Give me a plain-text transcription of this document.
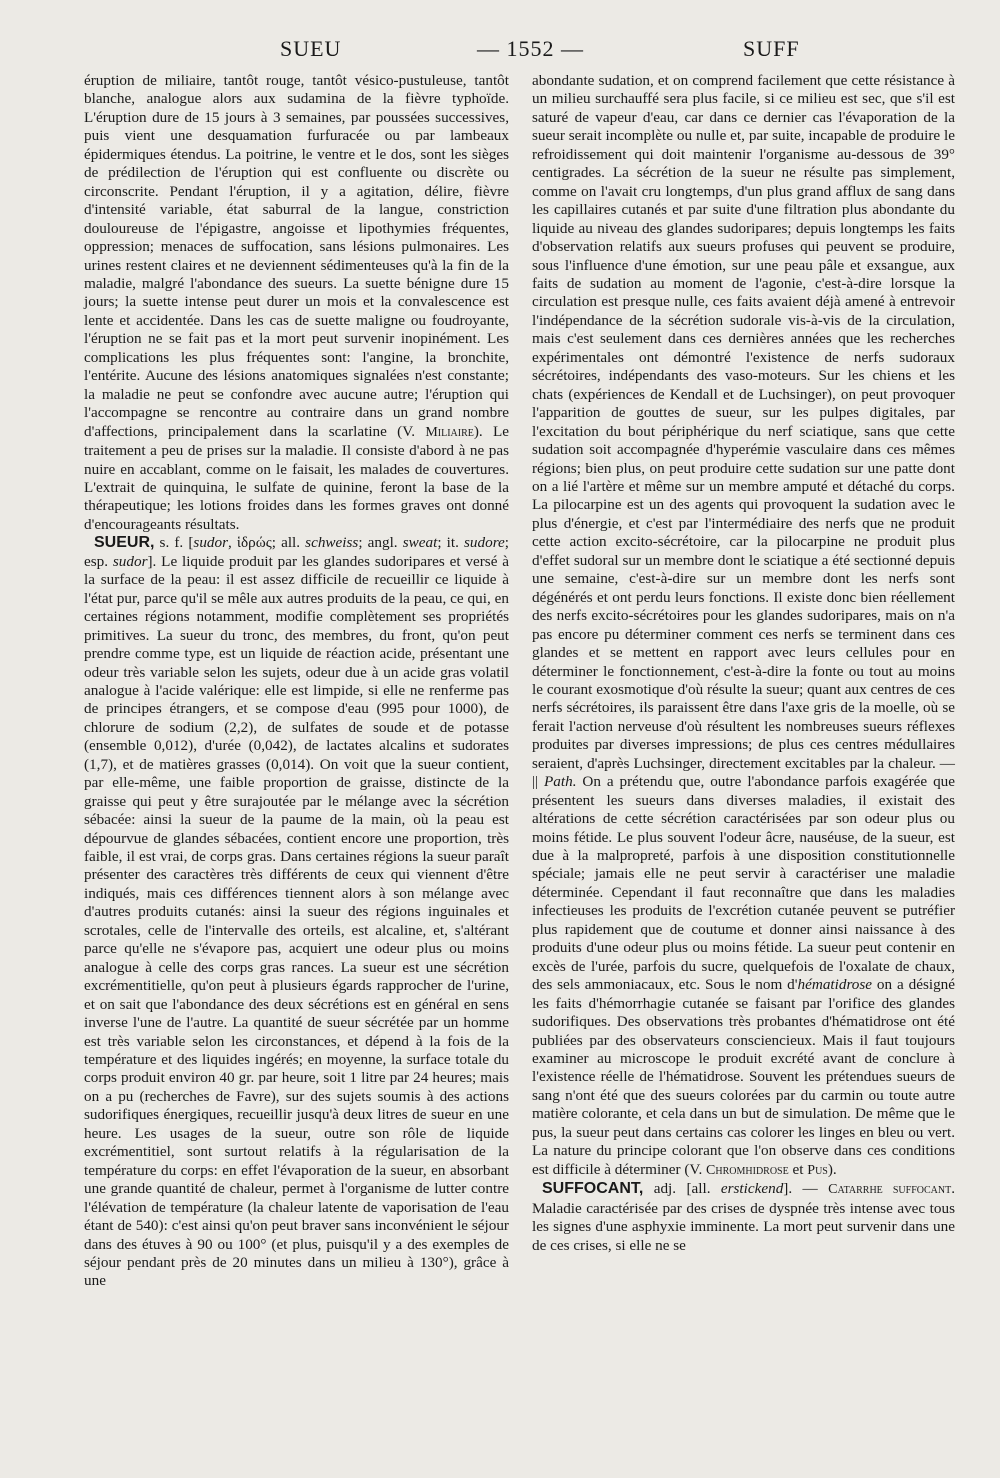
SUEU	— 1552 —	SUFF

éruption de miliaire, tantôt rouge, tantôt vésico-pustuleuse, tantôt blanche, analogue alors aux sudamina de la fièvre typhoïde. L'éruption dure de 15 jours à 3 semaines, par poussées successives, puis vient une desquamation furfuracée ou par lambeaux épidermiques étendus. La poitrine, le ventre et le dos, sont les sièges de prédilection de l'éruption qui est confluente ou discrète ou circonscrite. Pendant l'éruption, il y a agitation, délire, fièvre d'intensité variable, état saburral de la langue, constriction douloureuse de l'épigastre, angoisse et lipothymies fréquentes, oppression; menaces de suffocation, sans lésions pulmonaires. Les urines restent claires et ne deviennent sédimenteuses qu'à la fin de la maladie, malgré l'abondance des sueurs. La suette bénigne dure 15 jours; la suette intense peut durer un mois et la convalescence est lente et accidentée. Dans les cas de suette maligne ou foudroyante, l'éruption ne se fait pas et la mort peut survenir inopinément. Les complications les plus fréquentes sont: l'angine, la bronchite, l'entérite. Aucune des lésions anatomiques signalées n'est constante; la maladie ne peut se confondre avec aucune autre; l'éruption qui l'accompagne se rencontre au contraire dans un grand nombre d'affections, principalement dans la scarlatine (V. Miliaire). Le traitement a peu de prises sur la maladie. Il consiste d'abord à ne pas nuire en accablant, comme on le faisait, les malades de couvertures. L'extrait de quinquina, le sulfate de quinine, feront la base de la thérapeutique; les lotions froides dans les formes graves ont donné d'encourageants résultats.

SUEUR, s. f. [sudor, ἱδρώς; all. schweiss; angl. sweat; it. sudore; esp. sudor]. Le liquide produit par les glandes sudoripares et versé à la surface de la peau: il est assez difficile de recueillir ce liquide à l'état pur, parce qu'il se mêle aux autres produits de la peau, ce qui, en certaines régions notamment, modifie complètement ses propriétés primitives. La sueur du tronc, des membres, du front, qu'on peut prendre comme type, est un liquide de réaction acide, présentant une odeur très variable selon les sujets, odeur due à un acide gras volatil analogue à l'acide valérique: elle est limpide, si elle ne renferme pas de principes étrangers, et se compose d'eau (995 pour 1000), de chlorure de sodium (2,2), de sulfates de soude et de potasse (ensemble 0,012), d'urée (0,042), de lactates alcalins et sudorates (1,7), et de matières grasses (0,014). On voit que la sueur contient, par elle-même, une faible proportion de graisse, distincte de la graisse qui peut y être surajoutée par le mélange avec la sécrétion sébacée: ainsi la sueur de la paume de la main, où la peau est dépourvue de glandes sébacées, contient encore une proportion, très faible, il est vrai, de corps gras. Dans certaines régions la sueur paraît présenter des caractères très différents de ceux qui viennent d'être indiqués, mais ces différences tiennent alors à son mélange avec d'autres produits cutanés: ainsi la sueur des régions inguinales et scrotales, celle de l'intervalle des orteils, est alcaline, et, s'altérant parce qu'elle ne s'évapore pas, acquiert une odeur plus ou moins analogue à celle des corps gras rances. La sueur est une sécrétion excrémentitielle, qu'on peut à plusieurs égards rapprocher de l'urine, et on sait que l'abondance des deux sécrétions est en général en sens inverse l'une de l'autre. La quantité de sueur sécrétée par un homme est très variable selon les circonstances, et dépend à la fois de la température et des liquides ingérés; en moyenne, la surface totale du corps produit environ 40 gr. par heure, soit 1 litre par 24 heures; mais on a pu (recherches de Favre), sur des sujets soumis à des actions sudorifiques énergiques, recueillir jusqu'à deux litres de sueur en une heure. Les usages de la sueur, outre son rôle de liquide excrémentitiel, sont surtout relatifs à la régularisation de la température du corps: en effet l'évaporation de la sueur, en absorbant une grande quantité de chaleur, permet à l'organisme de lutter contre l'élévation de température (la chaleur latente de vaporisation de l'eau étant de 540): c'est ainsi qu'on peut braver sans inconvénient le séjour dans des étuves à 90 ou 100° (et plus, puisqu'il y a des exemples de séjour pendant près de 20 minutes dans un milieu à 130°), grâce à une

abondante sudation, et on comprend facilement que cette résistance à un milieu surchauffé sera plus facile, si ce milieu est sec, que s'il est saturé de vapeur d'eau, car dans ce dernier cas l'évaporation de la sueur serait incomplète ou nulle et, par suite, incapable de produire le refroidissement qui doit maintenir l'organisme au-dessous de 39° centigrades. La sécrétion de la sueur ne résulte pas simplement, comme on l'avait cru longtemps, d'un plus grand afflux de sang dans les capillaires cutanés et par suite d'une filtration plus abondante du liquide au niveau des glandes sudoripares; depuis longtemps les faits d'observation relatifs aux sueurs profuses qui peuvent se produire, sous l'influence d'une émotion, sur une peau pâle et exsangue, aux faits de sudation au moment de l'agonie, c'est-à-dire lorsque la circulation est presque nulle, ces faits avaient déjà amené à entrevoir l'indépendance de la sécrétion sudorale vis-à-vis de la circulation, mais c'est seulement dans ces dernières années que les recherches expérimentales ont démontré l'existence de nerfs sudoraux sécrétoires, indépendants des vaso-moteurs. Sur les chiens et les chats (expériences de Kendall et de Luchsinger), on peut provoquer l'apparition de gouttes de sueur, sur les pulpes digitales, par l'excitation du bout périphérique du nerf sciatique, sans que cette sudation soit accompagnée d'hyperémie vasculaire dans ces mêmes régions; bien plus, on peut produire cette sudation sur une patte dont on a lié l'artère et même sur un membre amputé et détaché du corps. La pilocarpine est un des agents qui provoquent la sudation avec le plus d'énergie, et c'est par l'intermédiaire des nerfs que ne produit cette action excito-sécrétoire, car la pilocarpine ne produit plus d'effet sudoral sur un membre dont le sciatique a été sectionné depuis une semaine, c'est-à-dire sur un membre dont les nerfs sont dégénérés et ont perdu leurs fonctions. Il existe donc bien réellement des nerfs excito-sécrétoires pour les glandes sudoripares, mais on n'a pas encore pu déterminer comment ces nerfs se terminent dans ces glandes et se mettent en rapport avec leurs cellules pour en déterminer le fonctionnement, c'est-à-dire la fonte ou tout au moins le courant exosmotique d'où résulte la sueur; quant aux centres de ces nerfs sécrétoires, ils paraissent être dans l'axe gris de la moelle, où se ferait l'action nerveuse d'où résultent les nombreuses sueurs réflexes produites par diverses impressions; de plus ces centres médullaires seraient, d'après Luchsinger, directement excitables par la chaleur. — || Path. On a prétendu que, outre l'abondance parfois exagérée que présentent les sueurs dans diverses maladies, il existait des altérations de cette sécrétion caractérisées par son odeur plus ou moins fétide. Le plus souvent l'odeur âcre, nauséuse, de la sueur, est due à la malpropreté, parfois à une disposition constitutionnelle spéciale; jamais elle ne peut servir à caractériser une maladie déterminée. Cependant il faut reconnaître que dans les maladies infectieuses les produits de l'excrétion cutanée peuvent se putréfier plus rapidement que de coutume et donner ainsi naissance à des produits d'une odeur plus ou moins fétide. La sueur peut contenir en excès de l'urée, parfois du sucre, quelquefois de l'oxalate de chaux, des sels ammoniacaux, etc. Sous le nom d'hématidrose on a désigné les faits d'hémorrhagie cutanée se faisant par l'orifice des glandes sudorifiques. Des observations très probantes d'hématidrose ont été publiées par des observateurs consciencieux. Mais il faut toujours examiner au microscope le produit excrété avant de conclure à l'existence réelle de l'hématidrose. Souvent les prétendues sueurs de sang n'ont été que des sueurs colorées par du carmin ou toute autre matière colorante, et cela dans un but de simulation. De même que le pus, la sueur peut dans certains cas colorer les linges en bleu ou vert. La nature du principe colorant que l'on observe dans ces conditions est difficile à déterminer (V. Chromhidrose et Pus).

SUFFOCANT, adj. [all. erstickend]. — Catarrhe suffocant. Maladie caractérisée par des crises de dyspnée très intense avec tous les signes d'une asphyxie imminente. La mort peut survenir dans une de ces crises, si elle ne se
